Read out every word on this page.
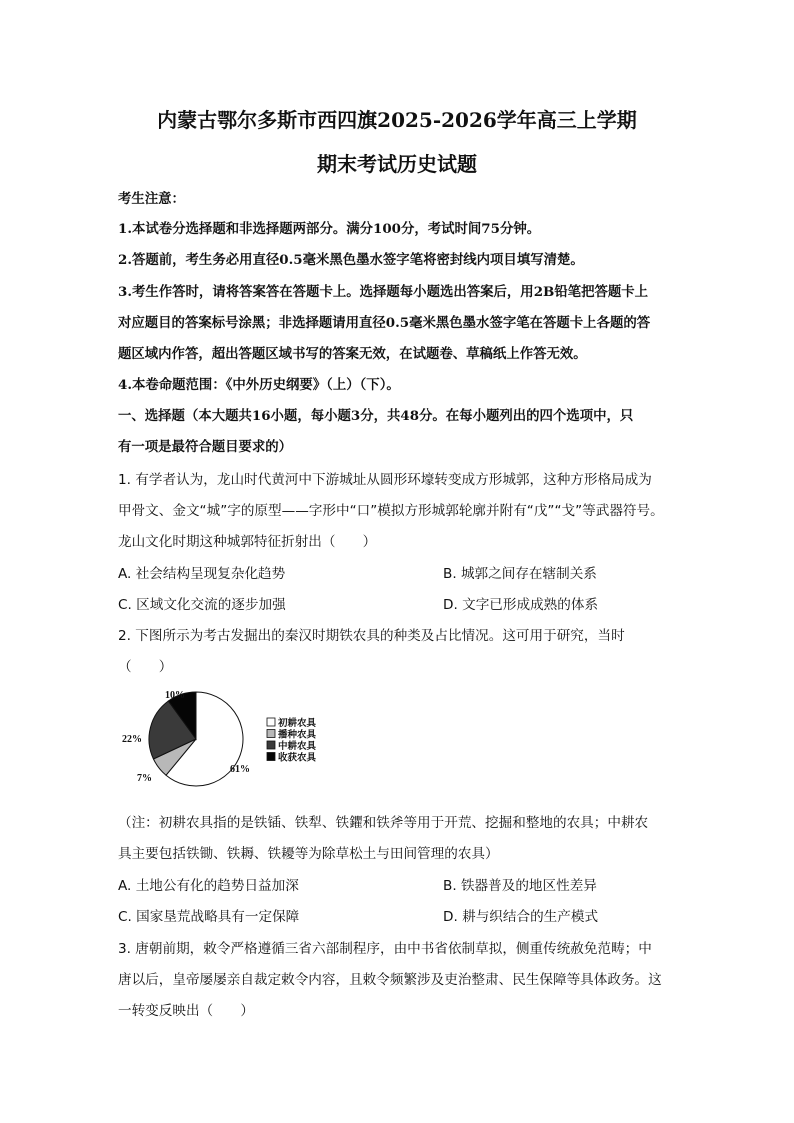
内蒙古鄂尔多斯市西四旗2025-2026学年高三上学期
期末考试历史试题
考生注意：
1.本试卷分选择题和非选择题两部分。满分100分，考试时间75分钟。
2.答题前，考生务必用直径0.5毫米黑色墨水签字笔将密封线内项目填写清楚。
3.考生作答时，请将答案答在答题卡上。选择题每小题选出答案后，用2B铅笔把答题卡上
对应题目的答案标号涂黑；非选择题请用直径0.5毫米黑色墨水签字笔在答题卡上各题的答
题区域内作答，超出答题区域书写的答案无效，在试题卷、草稿纸上作答无效。
4.本卷命题范围：《中外历史纲要》（上）（下）。
一、选择题（本大题共16小题，每小题3分，共48分。在每小题列出的四个选项中，只
有一项是最符合题目要求的）
1. 有学者认为，龙山时代黄河中下游城址从圆形环壕转变成方形城郭，这种方形格局成为
甲骨文、金文“城”字的原型——字形中“口”模拟方形城郭轮廓并附有“戊”“戈”等武器符号。
龙山文化时期这种城郭特征折射出（　　）
A. 社会结构呈现复杂化趋势	B. 城郭之间存在辖制关系
C. 区域文化交流的逐步加强	D. 文字已形成成熟的体系
2. 下图所示为考古发掘出的秦汉时期铁农具的种类及占比情况。这可用于研究，当时
（　　）
61%
7%
22%
10%
初耕农具
播种农具
中耕农具
收获农具
（注：初耕农具指的是铁锸、铁犁、铁鑺和铁斧等用于开荒、挖掘和整地的农具；中耕农
具主要包括铁锄、铁耨、铁耰等为除草松土与田间管理的农具）
A. 土地公有化的趋势日益加深	B. 铁器普及的地区性差异
C. 国家垦荒战略具有一定保障	D. 耕与织结合的生产模式
3. 唐朝前期，敕令严格遵循三省六部制程序，由中书省依制草拟，侧重传统赦免范畴；中
唐以后，皇帝屡屡亲自裁定敕令内容，且敕令频繁涉及吏治整肃、民生保障等具体政务。这
一转变反映出（　　）
